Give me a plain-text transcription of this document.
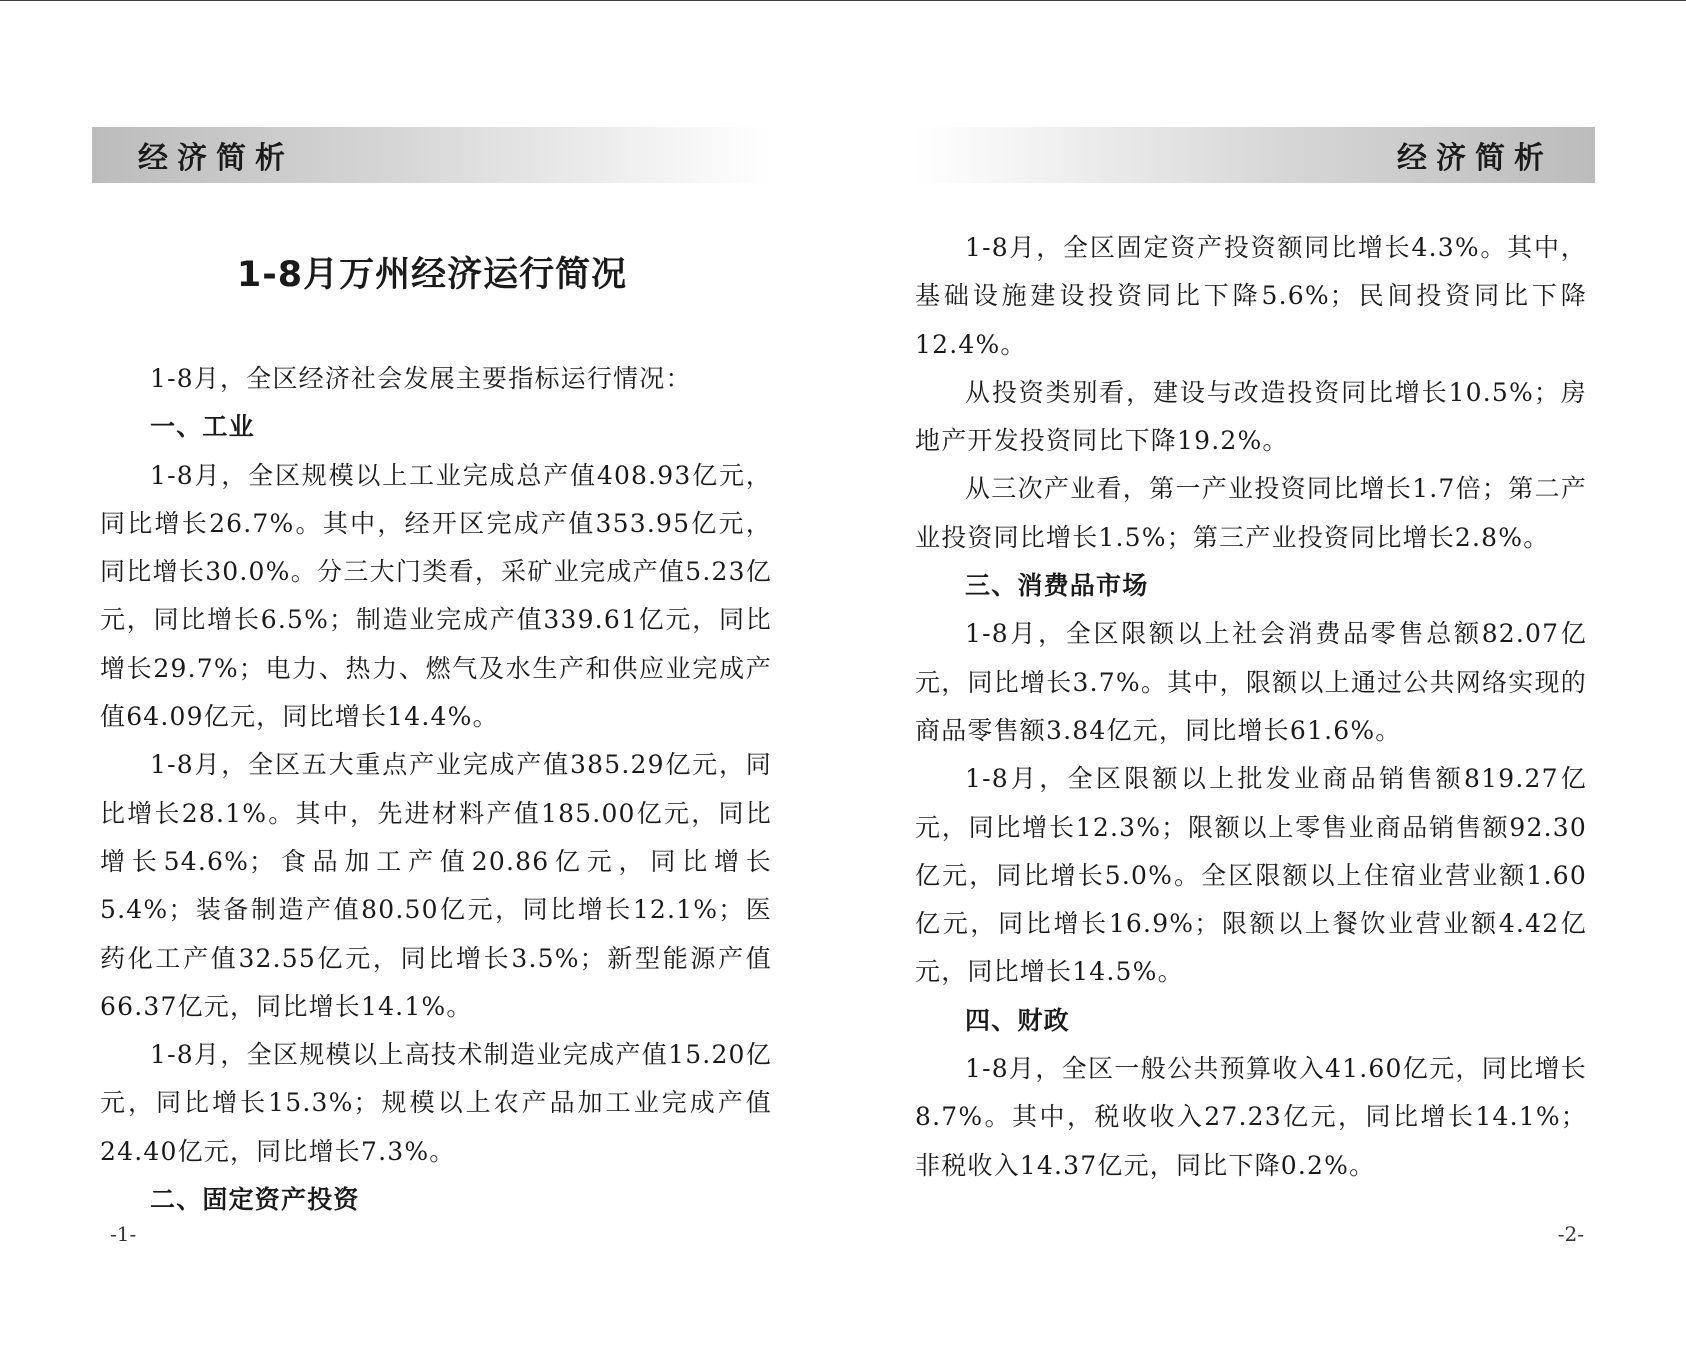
经济简析
1-8月万州经济运行简况

1-8月，全区经济社会发展主要指标运行情况：

一、工业

1-8月，全区规模以上工业完成总产值408.93亿元，同比增长26.7%。其中，经开区完成产值353.95亿元，同比增长30.0%。分三大门类看，采矿业完成产值5.23亿元，同比增长6.5%；制造业完成产值339.61亿元，同比增长29.7%；电力、热力、燃气及水生产和供应业完成产值64.09亿元，同比增长14.4%。

1-8月，全区五大重点产业完成产值385.29亿元，同比增长28.1%。其中，先进材料产值185.00亿元，同比增长54.6%；食品加工产值20.86亿元，同比增长5.4%；装备制造产值80.50亿元，同比增长12.1%；医药化工产值32.55亿元，同比增长3.5%；新型能源产值66.37亿元，同比增长14.1%。

1-8月，全区规模以上高技术制造业完成产值15.20亿元，同比增长15.3%；规模以上农产品加工业完成产值24.40亿元，同比增长7.3%。

二、固定资产投资
-1-
经济简析

1-8月，全区固定资产投资额同比增长4.3%。其中，基础设施建设投资同比下降5.6%；民间投资同比下降12.4%。

从投资类别看，建设与改造投资同比增长10.5%；房地产开发投资同比下降19.2%。

从三次产业看，第一产业投资同比增长1.7倍；第二产业投资同比增长1.5%；第三产业投资同比增长2.8%。

三、消费品市场

1-8月，全区限额以上社会消费品零售总额82.07亿元，同比增长3.7%。其中，限额以上通过公共网络实现的商品零售额3.84亿元，同比增长61.6%。

1-8月，全区限额以上批发业商品销售额819.27亿元，同比增长12.3%；限额以上零售业商品销售额92.30亿元，同比增长5.0%。全区限额以上住宿业营业额1.60亿元，同比增长16.9%；限额以上餐饮业营业额4.42亿元，同比增长14.5%。

四、财政

1-8月，全区一般公共预算收入41.60亿元，同比增长8.7%。其中，税收收入27.23亿元，同比增长14.1%；非税收入14.37亿元，同比下降0.2%。

-2-
